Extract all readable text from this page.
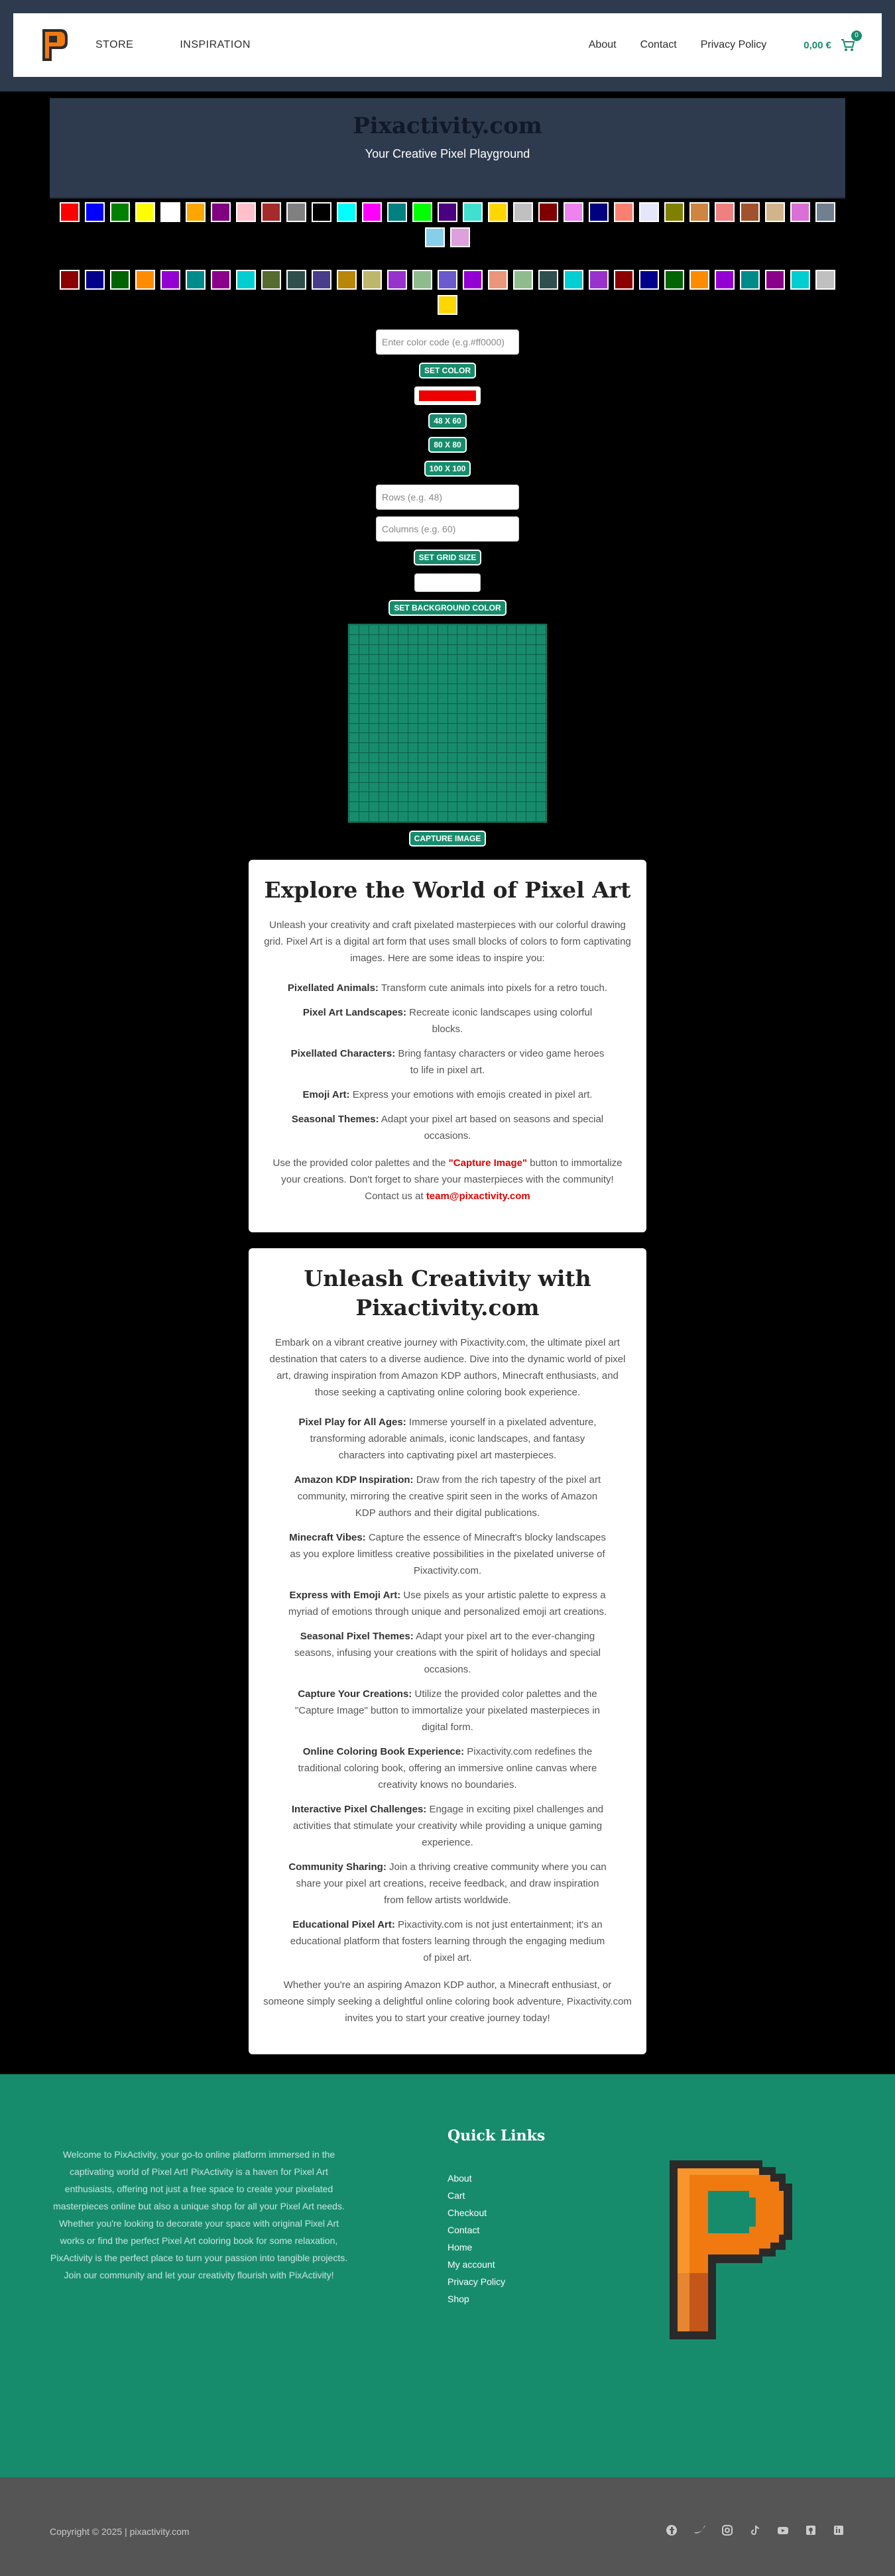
STORE	INSPIRATION	About Contact Privacy Policy	0,00 €
0
Pixactivity.com

Your Creative Pixel Playground

Enter color code (e.g.#ff0000)
SET COLOR
48 X 60
80 X 80
100 X 100
Rows (e.g. 48)
Columns (e.g. 60)
SET GRID SIZE
SET BACKGROUND COLOR
CAPTURE IMAGE
Explore the World of Pixel Art

Unleash your creativity and craft pixelated masterpieces with our colorful drawing grid. Pixel Art is a digital art form that uses small blocks of colors to form captivating images. Here are some ideas to inspire you:

Pixellated Animals: Transform cute animals into pixels for a retro touch.

Pixel Art Landscapes: Recreate iconic landscapes using colorful blocks.

Pixellated Characters: Bring fantasy characters or video game heroes to life in pixel art.

Emoji Art: Express your emotions with emojis created in pixel art.

Seasonal Themes: Adapt your pixel art based on seasons and special occasions.

Use the provided color palettes and the "Capture Image" button to immortalize your creations. Don't forget to share your masterpieces with the community! Contact us at team@pixactivity.com

Unleash Creativity with Pixactivity.com

Embark on a vibrant creative journey with Pixactivity.com, the ultimate pixel art destination that caters to a diverse audience. Dive into the dynamic world of pixel art, drawing inspiration from Amazon KDP authors, Minecraft enthusiasts, and those seeking a captivating online coloring book experience.

Pixel Play for All Ages: Immerse yourself in a pixelated adventure, transforming adorable animals, iconic landscapes, and fantasy characters into captivating pixel art masterpieces.

Amazon KDP Inspiration: Draw from the rich tapestry of the pixel art community, mirroring the creative spirit seen in the works of Amazon KDP authors and their digital publications.

Minecraft Vibes: Capture the essence of Minecraft's blocky landscapes as you explore limitless creative possibilities in the pixelated universe of Pixactivity.com.

Express with Emoji Art: Use pixels as your artistic palette to express a myriad of emotions through unique and personalized emoji art creations.

Seasonal Pixel Themes: Adapt your pixel art to the ever-changing seasons, infusing your creations with the spirit of holidays and special occasions.

Capture Your Creations: Utilize the provided color palettes and the "Capture Image" button to immortalize your pixelated masterpieces in digital form.

Online Coloring Book Experience: Pixactivity.com redefines the traditional coloring book, offering an immersive online canvas where creativity knows no boundaries.

Interactive Pixel Challenges: Engage in exciting pixel challenges and activities that stimulate your creativity while providing a unique gaming experience.

Community Sharing: Join a thriving creative community where you can share your pixel art creations, receive feedback, and draw inspiration from fellow artists worldwide.

Educational Pixel Art: Pixactivity.com is not just entertainment; it's an educational platform that fosters learning through the engaging medium of pixel art.

Whether you're an aspiring Amazon KDP author, a Minecraft enthusiast, or someone simply seeking a delightful online coloring book adventure, Pixactivity.com invites you to start your creative journey today!

Welcome to PixActivity, your go-to online platform immersed in the captivating world of Pixel Art! PixActivity is a haven for Pixel Art enthusiasts, offering not just a free space to create your pixelated masterpieces online but also a unique shop for all your Pixel Art needs. Whether you're looking to decorate your space with original Pixel Art works or find the perfect Pixel Art coloring book for some relaxation, PixActivity is the perfect place to turn your passion into tangible projects. Join our community and let your creativity flourish with PixActivity!
Quick Links
About
Cart
Checkout
Contact
Home
My account
Privacy Policy
Shop
Copyright © 2025 | pixactivity.com
